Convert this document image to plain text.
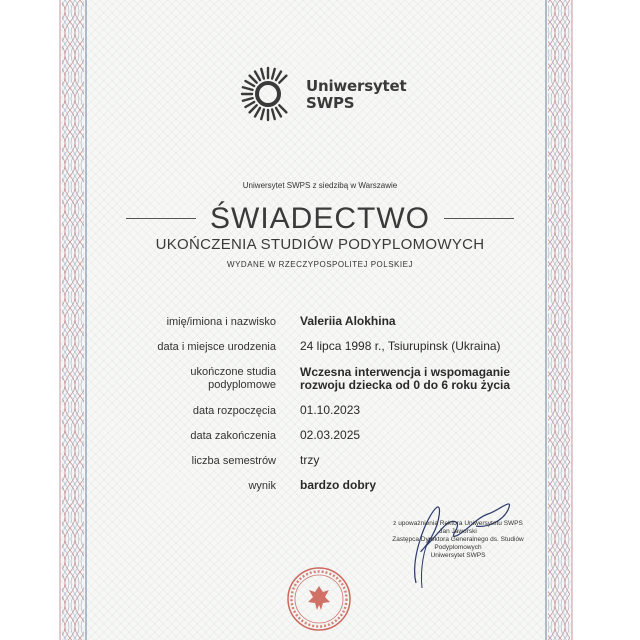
Uniwersytet
SWPS
Uniwersytet SWPS z siedzibą w Warszawie
ŚWIADECTWO
UKOŃCZENIA STUDIÓW PODYPLOMOWYCH
WYDANE W RZECZYPOSPOLITEJ POLSKIEJ
imię/imiona i nazwisko Valeriia Alokhina
data i miejsce urodzenia 24 lipca 1998 r., Tsiurupinsk (Ukraina)
ukończone studia
podyplomowe
Wczesna interwencja i wspomaganie
rozwoju dziecka od 0 do 6 roku życia
data rozpoczęcia 01.10.2023
data zakończenia 02.03.2025
liczba semestrów trzy
wynik bardzo dobry
z upoważnienia Rektora Uniwersytetu SWPS
Jan Jaworski
Zastępca Dyrektora Generalnego ds. Studiów
Podyplomowych
Uniwersytet SWPS
